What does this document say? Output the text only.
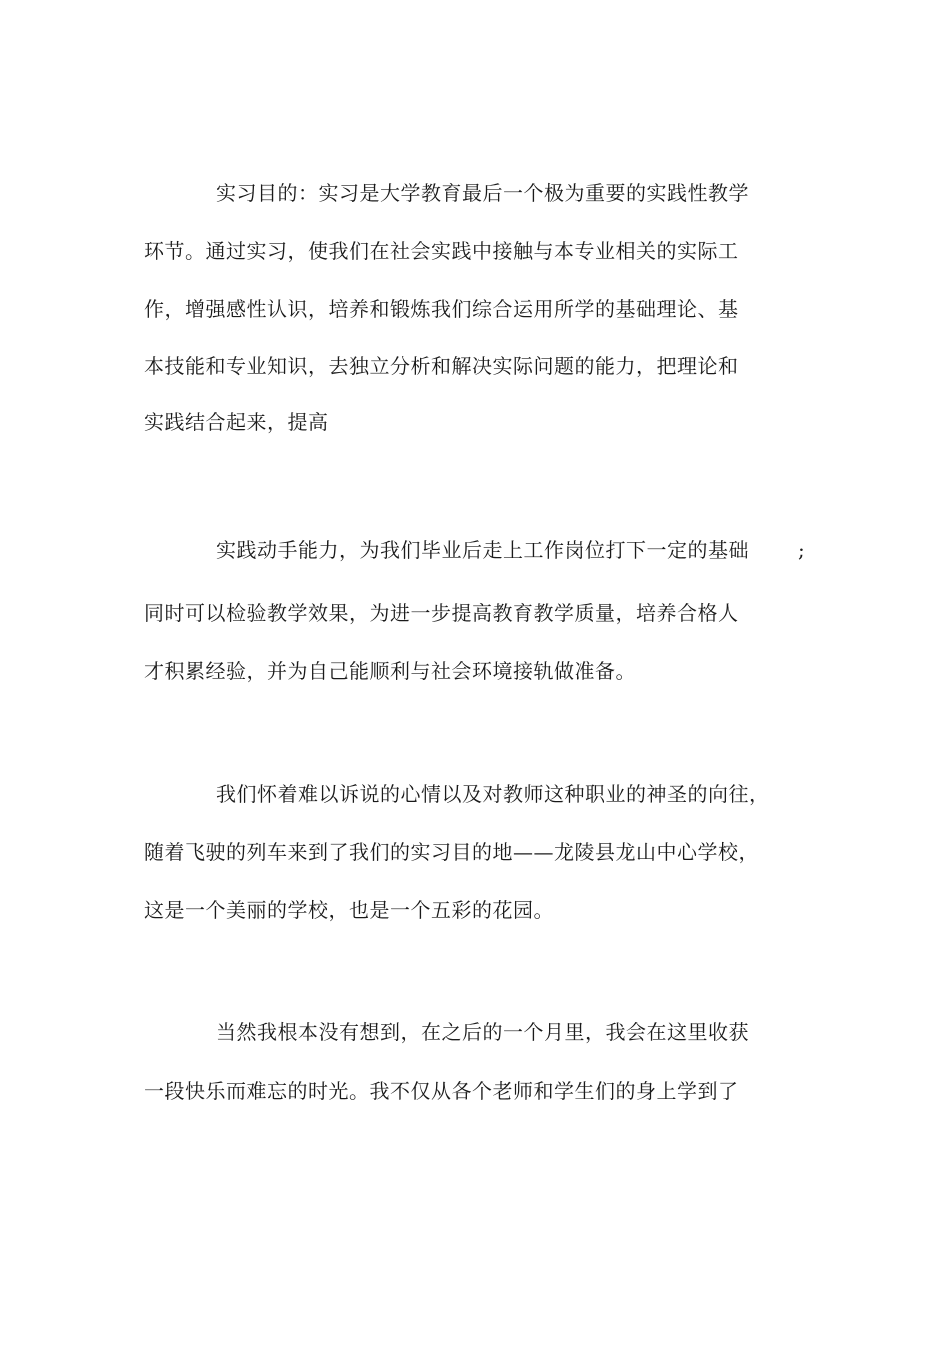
实习目的：实习是大学教育最后一个极为重要的实践性教学
环节。通过实习，使我们在社会实践中接触与本专业相关的实际工
作，增强感性认识，培养和锻炼我们综合运用所学的基础理论、基
本技能和专业知识，去独立分析和解决实际问题的能力，把理论和
实践结合起来，提高
实践动手能力，为我们毕业后走上工作岗位打下一定的基础 ;
同时可以检验教学效果，为进一步提高教育教学质量，培养合格人
才积累经验，并为自己能顺利与社会环境接轨做准备。
我们怀着难以诉说的心情以及对教师这种职业的神圣的向往，
随着飞驶的列车来到了我们的实习目的地——龙陵县龙山中心学校，
这是一个美丽的学校，也是一个五彩的花园。
当然我根本没有想到，在之后的一个月里，我会在这里收获
一段快乐而难忘的时光。我不仅从各个老师和学生们的身上学到了
